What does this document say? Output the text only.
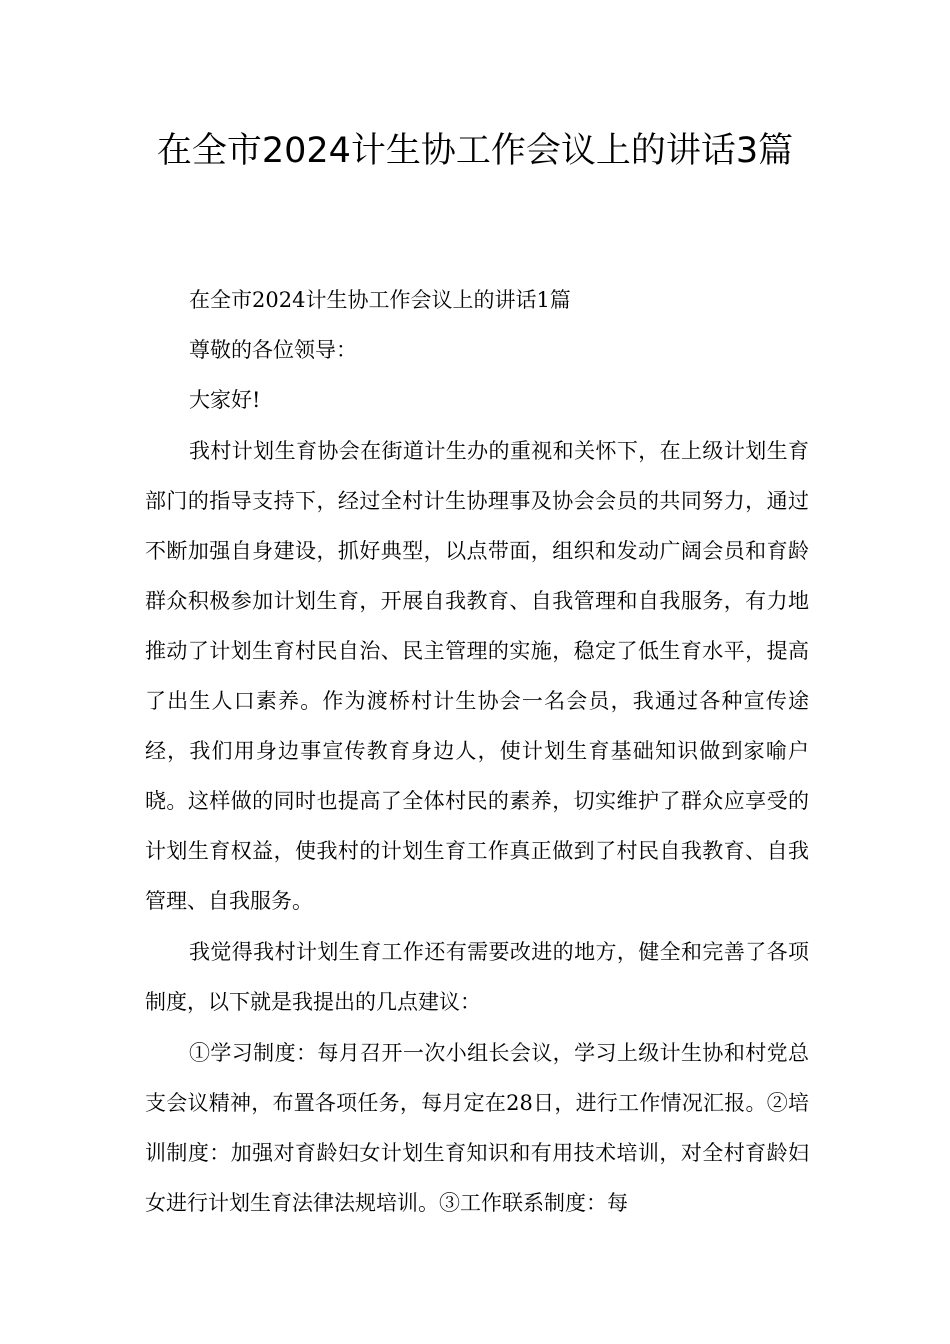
在全市2024计生协工作会议上的讲话3篇

在全市2024计生协工作会议上的讲话1篇

尊敬的各位领导：

大家好!

我村计划生育协会在街道计生办的重视和关怀下，在上级计划生育部门的指导支持下，经过全村计生协理事及协会会员的共同努力，通过不断加强自身建设，抓好典型，以点带面，组织和发动广阔会员和育龄群众积极参加计划生育，开展自我教育、自我管理和自我服务，有力地推动了计划生育村民自治、民主管理的实施，稳定了低生育水平，提高了出生人口素养。作为渡桥村计生协会一名会员，我通过各种宣传途经，我们用身边事宣传教育身边人，使计划生育基础知识做到家喻户晓。这样做的同时也提高了全体村民的素养，切实维护了群众应享受的计划生育权益，使我村的计划生育工作真正做到了村民自我教育、自我管理、自我服务。

我觉得我村计划生育工作还有需要改进的地方，健全和完善了各项制度，以下就是我提出的几点建议：

①学习制度：每月召开一次小组长会议，学习上级计生协和村党总支会议精神，布置各项任务，每月定在28日，进行工作情况汇报。②培训制度：加强对育龄妇女计划生育知识和有用技术培训，对全村育龄妇女进行计划生育法律法规培训。③工作联系制度：每
